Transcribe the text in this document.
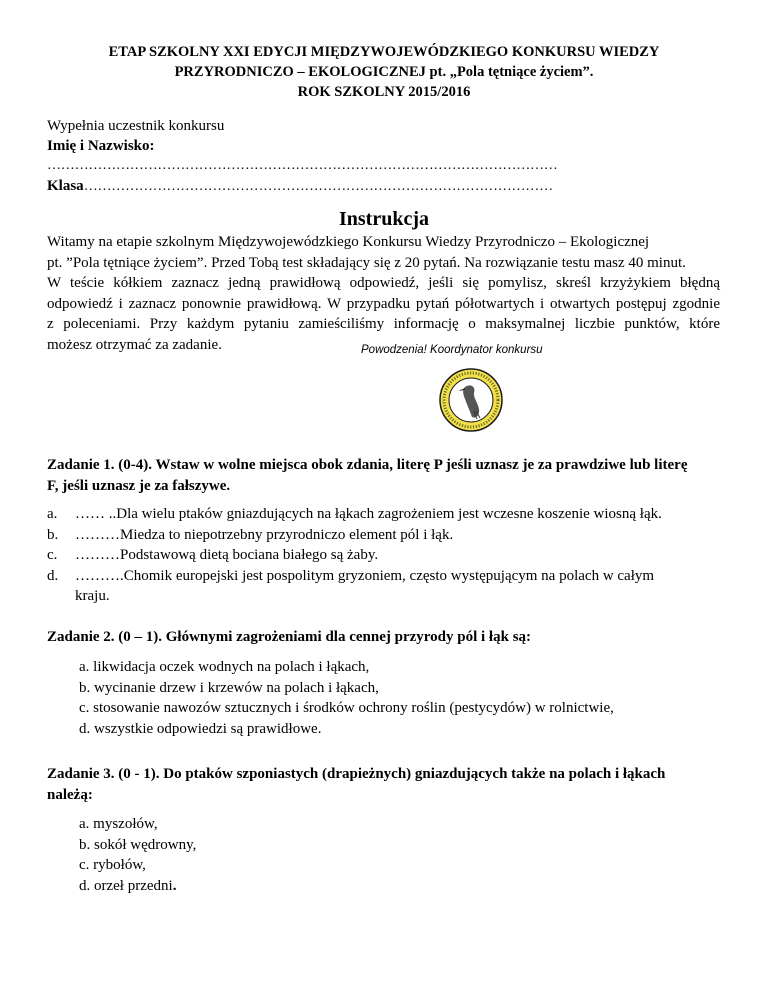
ETAP SZKOLNY XXI EDYCJI MIĘDZYWOJEWÓDZKIEGO KONKURSU WIEDZY
PRZYRODNICZO – EKOLOGICZNEJ pt. „Pola tętniące życiem”.
ROK SZKOLNY 2015/2016
Wypełnia uczestnik konkursu
Imię i Nazwisko:
…………………………………………………………………………………………………
Klasa…………………………………………………………………………………………
Instrukcja
Witamy na etapie szkolnym Międzywojewódzkiego Konkursu Wiedzy Przyrodniczo – Ekologicznej
pt. ”Pola tętniące życiem”. Przed Tobą test składający się z 20 pytań. Na rozwiązanie testu masz 40 minut.
W teście kółkiem zaznacz jedną prawidłową odpowiedź, jeśli się pomylisz, skreśl krzyżykiem błędną
odpowiedź i zaznacz ponownie prawidłową. W przypadku pytań półotwartych i otwartych postępuj zgodnie
z poleceniami. Przy każdym pytaniu zamieściliśmy informację o maksymalnej liczbie punktów, które
możesz otrzymać za zadanie.	Powodzenia! Koordynator konkursu
Zadanie 1. (0-4). Wstaw w wolne miejsca obok zdania, literę P jeśli uznasz je za prawdziwe lub literę
F, jeśli uznasz je za fałszywe.
a.	…… .. Dla wielu ptaków gniazdujących na łąkach zagrożeniem jest wczesne koszenie wiosną łąk.
b.	……… Miedza to niepotrzebny przyrodniczo element pól i łąk.
c.	……… Podstawową dietą bociana białego są żaby.
d.	………. Chomik europejski jest pospolitym gryzoniem, często występującym na polach w całym
kraju.
Zadanie 2. (0 – 1). Głównymi zagrożeniami dla cennej przyrody pól i łąk są:
a. likwidacja oczek wodnych na polach i łąkach,
b. wycinanie drzew i krzewów na polach i łąkach,
c. stosowanie nawozów sztucznych i środków ochrony roślin (pestycydów) w rolnictwie,
d. wszystkie odpowiedzi są prawidłowe.
Zadanie 3. (0 - 1). Do ptaków szponiastych (drapieżnych) gniazdujących także na polach i łąkach
należą:
a. myszołów,
b. sokół wędrowny,
c. rybołów,
d. orzeł przedni.
